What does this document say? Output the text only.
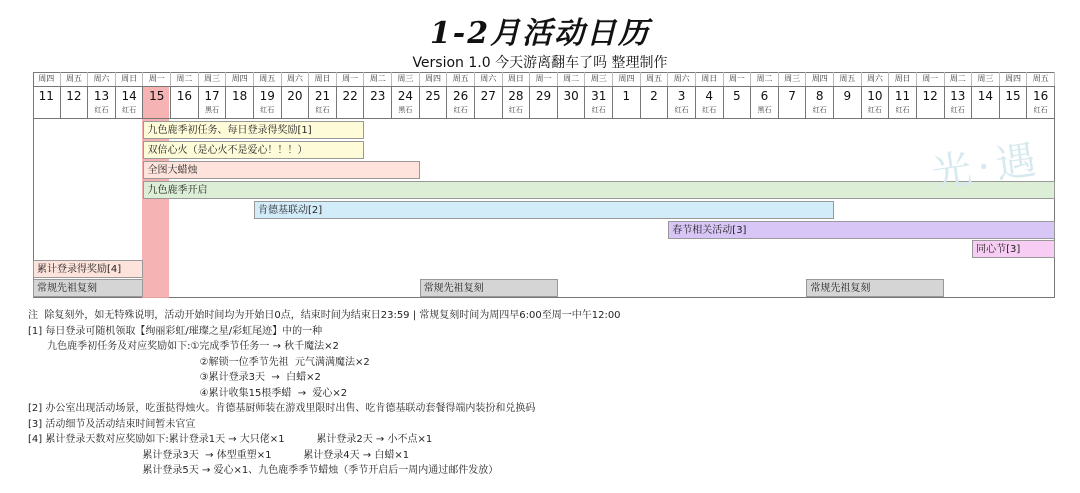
1-2月活动日历
Version 1.0 今天游离翻车了吗 整理制作
周四
11
周五
12
周六
13
红石
周日
14
红石
周一
15
周二
16
周三
17
黑石
周四
18
周五
19
红石
周六
20
周日
21
红石
周一
22
周二
23
周三
24
黑石
周四
25
周五
26
红石
周六
27
周日
28
红石
周一
29
周二
30
周三
31
红石
周四
1
周五
2
周六
3
红石
周日
4
红石
周一
5
周二
6
黑石
周三
7
周四
8
红石
周五
9
周六
10
红石
周日
11
红石
周一
12
周二
13
红石
周三
14
周四
15
周五
16
红石
九色鹿季初任务、每日登录得奖励[1]
双倍心火（是心火不是爱心！！！）
全图大蜡烛
九色鹿季开启
肯德基联动[2]
春节相关活动[3]
同心节[3]
累计登录得奖励[4]
常规先祖复刻	常规先祖复刻	常规先祖复刻
光·遇
注  除复刻外，如无特殊说明，活动开始时间均为开始日0点，结束时间为结束日23:59 | 常规复刻时间为周四早6:00至周一中午12:00
[1] 每日登录可随机领取【绚丽彩虹/璀璨之星/彩虹尾迹】中的一种
九色鹿季初任务及对应奖励如下:①完成季节任务一 → 秋千魔法×2
②解锁一位季节先祖  元气满满魔法×2
③累计登录3天  →  白蜡×2
④累计收集15根季蜡  →  爱心×2
[2] 办公室出现活动场景，吃蛋挞得烛火。肯德基厨师装在游戏里限时出售、吃肯德基联动套餐得端内装扮和兑换码
[3] 活动细节及活动结束时间暂未官宣
[4] 累计登录天数对应奖励如下:累计登录1天 → 大只佬×1          累计登录2天 → 小不点×1
累计登录3天  → 体型重塑×1          累计登录4天 → 白蜡×1
累计登录5天 → 爱心×1、九色鹿季季节蜡烛（季节开启后一周内通过邮件发放）
